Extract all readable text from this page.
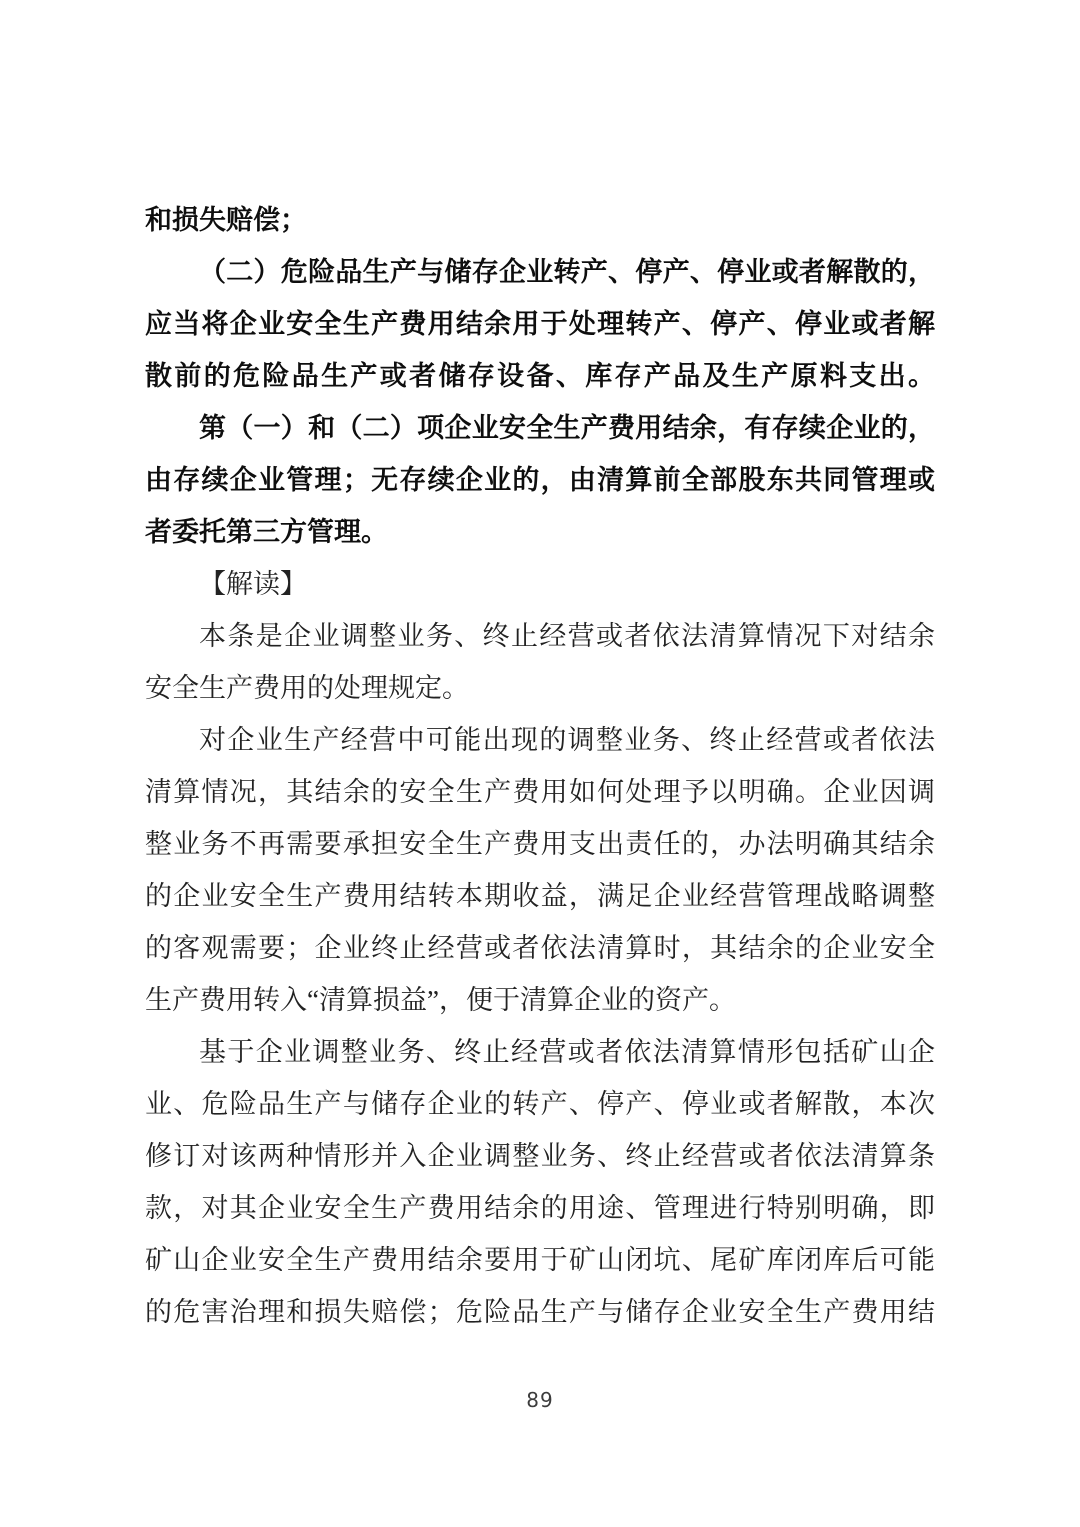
和损失赔偿；
（二）危险品生产与储存企业转产、停产、停业或者解散的，
应当将企业安全生产费用结余用于处理转产、停产、停业或者解
散前的危险品生产或者储存设备、库存产品及生产原料支出。
第（一）和（二）项企业安全生产费用结余，有存续企业的，
由存续企业管理；无存续企业的，由清算前全部股东共同管理或
者委托第三方管理。
【解读】
本条是企业调整业务、终止经营或者依法清算情况下对结余
安全生产费用的处理规定。
对企业生产经营中可能出现的调整业务、终止经营或者依法
清算情况，其结余的安全生产费用如何处理予以明确。企业因调
整业务不再需要承担安全生产费用支出责任的，办法明确其结余
的企业安全生产费用结转本期收益，满足企业经营管理战略调整
的客观需要；企业终止经营或者依法清算时，其结余的企业安全
生产费用转入“清算损益”，便于清算企业的资产。
基于企业调整业务、终止经营或者依法清算情形包括矿山企
业、危险品生产与储存企业的转产、停产、停业或者解散，本次
修订对该两种情形并入企业调整业务、终止经营或者依法清算条
款，对其企业安全生产费用结余的用途、管理进行特别明确，即
矿山企业安全生产费用结余要用于矿山闭坑、尾矿库闭库后可能
的危害治理和损失赔偿；危险品生产与储存企业安全生产费用结
89
